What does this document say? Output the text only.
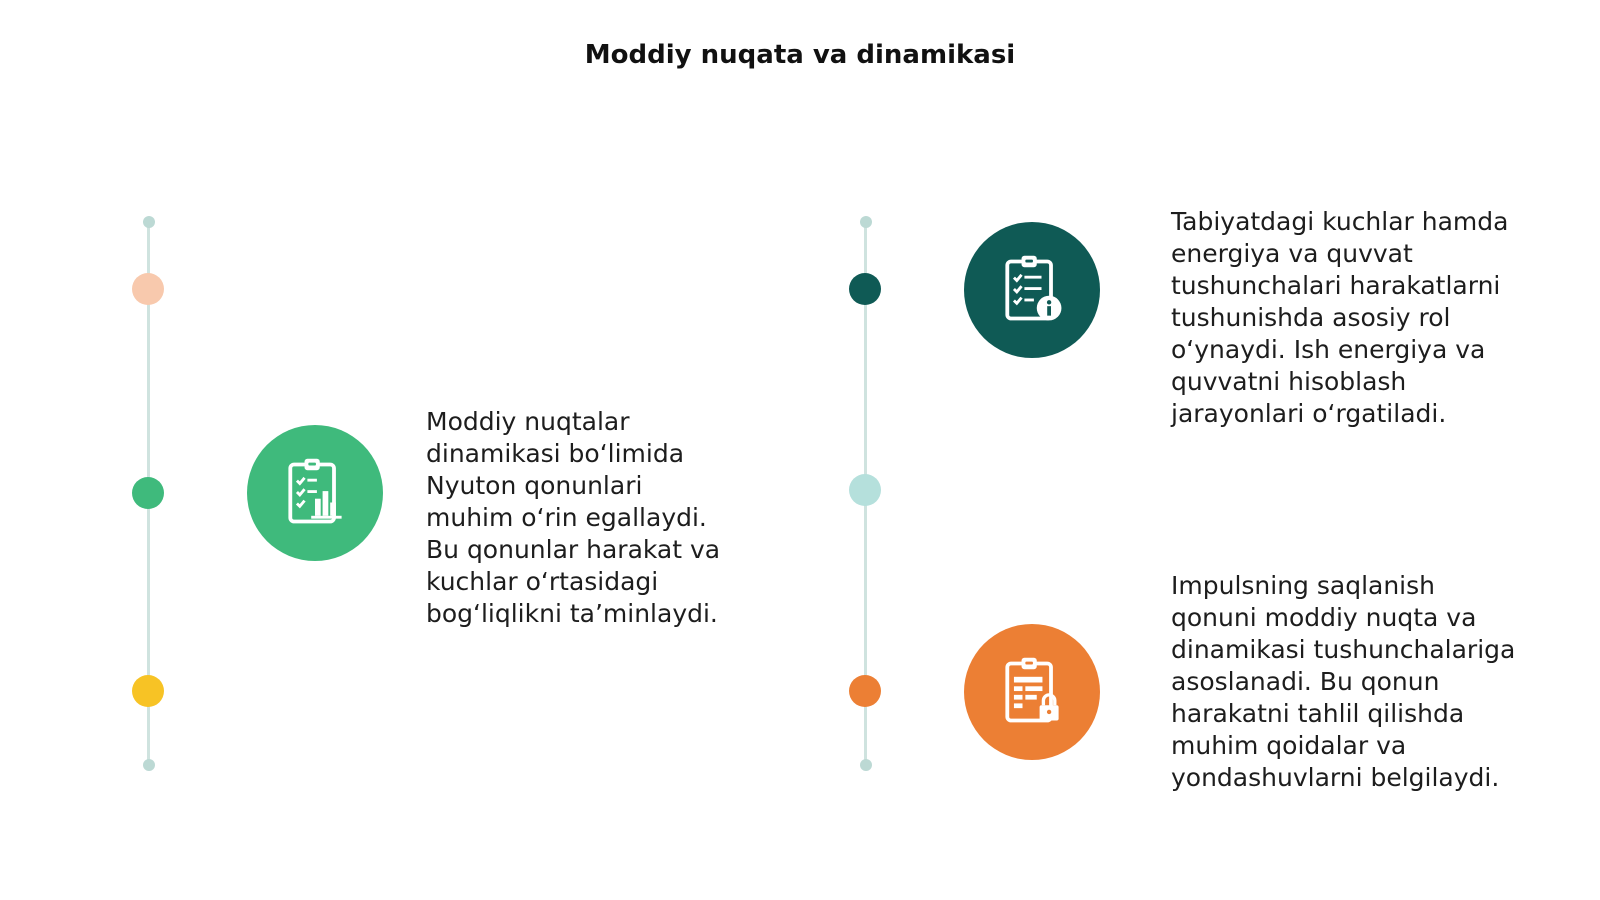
Moddiy nuqata va dinamikasi

Moddiy nuqtalar
dinamikasi bo‘limida
Nyuton qonunlari
muhim o‘rin egallaydi.
Bu qonunlar harakat va
kuchlar o‘rtasidagi
bog‘liqlikni ta’minlaydi.

Tabiyatdagi kuchlar hamda
energiya va quvvat
tushunchalari harakatlarni
tushunishda asosiy rol
o‘ynaydi. Ish energiya va
quvvatni hisoblash
jarayonlari o‘rgatiladi.

Impulsning saqlanish
qonuni moddiy nuqta va
dinamikasi tushunchalariga
asoslanadi. Bu qonun
harakatni tahlil qilishda
muhim qoidalar va
yondashuvlarni belgilaydi.
